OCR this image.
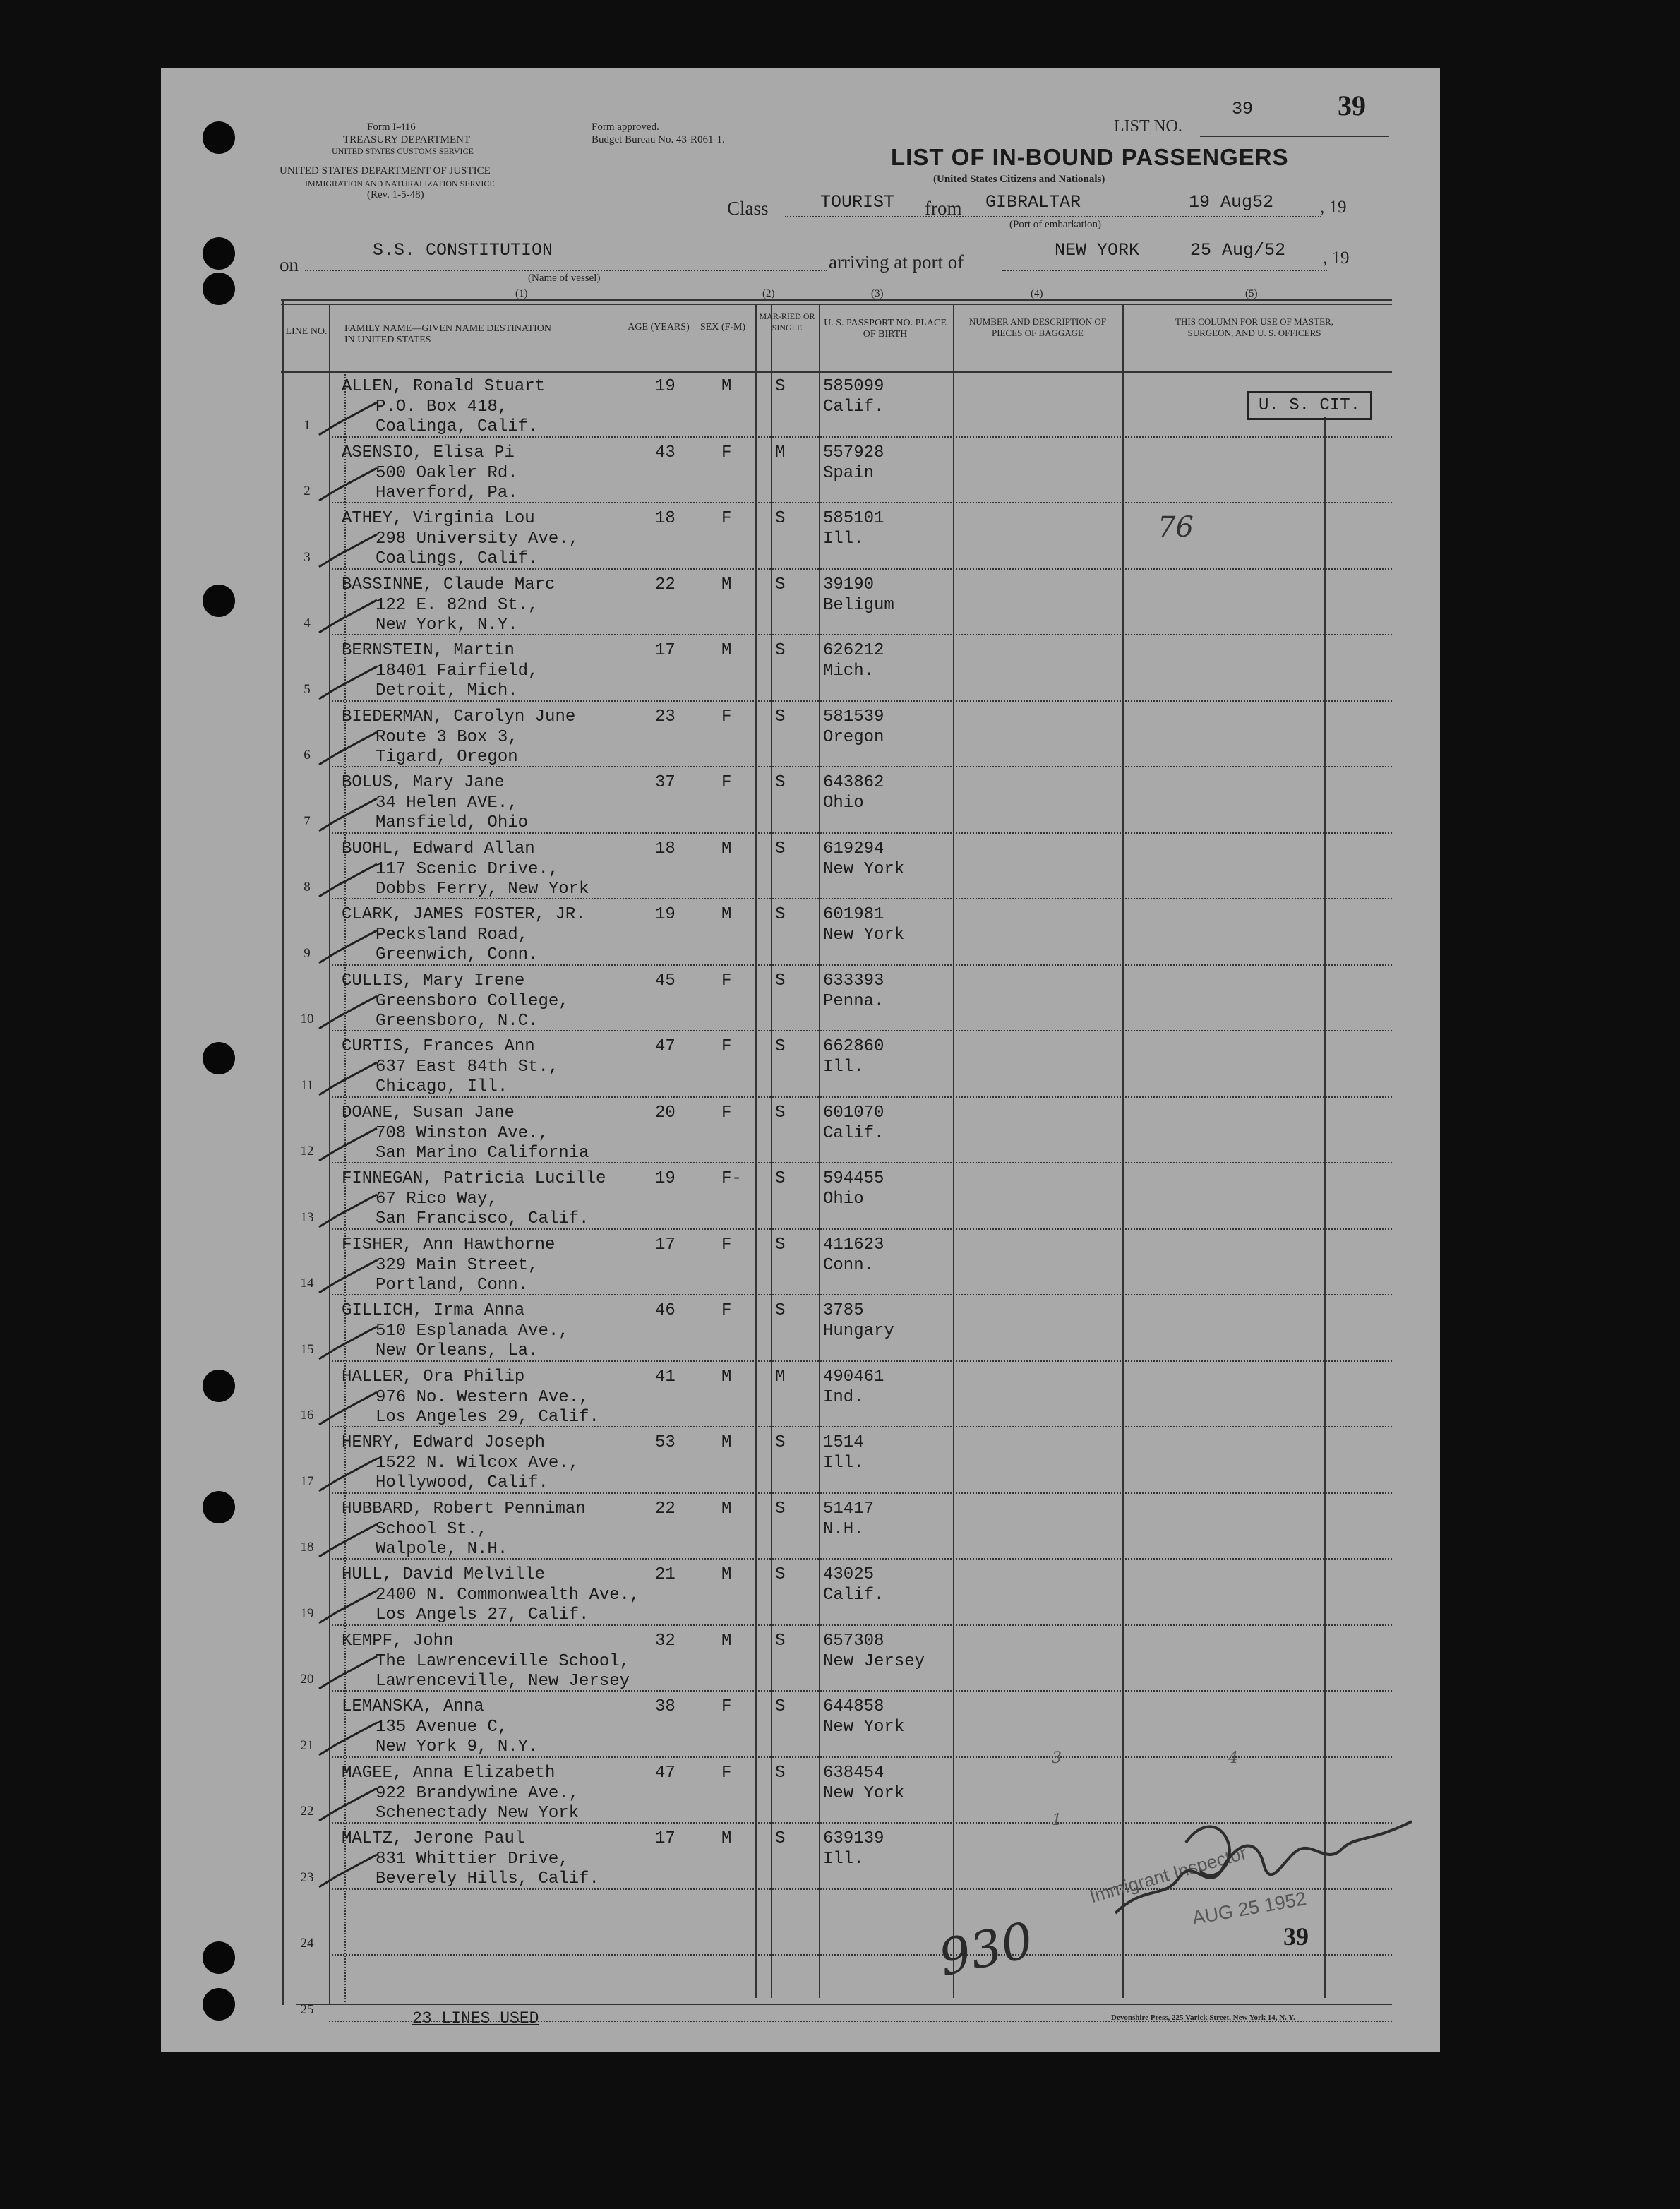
Form I-416
TREASURY DEPARTMENT
UNITED STATES CUSTOMS SERVICE
UNITED STATES DEPARTMENT OF JUSTICE
IMMIGRATION AND NATURALIZATION SERVICE
(Rev. 1-5-48)
Form approved.
Budget Bureau No. 43-R061-1.
LIST NO.
39	39
LIST OF IN-BOUND PASSENGERS
(United States Citizens and Nationals)
Class	TOURIST from GIBRALTAR	19 Aug52	, 19
(Port of embarkation)
on
S.S. CONSTITUTION
(Name of vessel)
arriving at port of
NEW YORK	25 Aug/52 , 19
(1)	(2)	(3)	(4)	(5)
LINE NO. FAMILY NAME—GIVEN NAME DESTINATION IN UNITED STATES
AGE (YEARS)	SEX (F-M)
MAR-RIED OR SINGLE	U. S. PASSPORT NO. PLACE OF BIRTH
NUMBER AND DESCRIPTION OF PIECES OF BAGGAGE
THIS COLUMN FOR USE OF MASTER, SURGEON, AND U. S. OFFICERS
U. S. CIT.
1
ALLEN, Ronald Stuart
P.O. Box 418,
Coalinga, Calif.
19	M	S 585099
Calif.
2
ASENSIO, Elisa Pi
500 Oakler Rd.
Haverford, Pa.
43	F	M 557928
Spain
3
ATHEY, Virginia Lou
298 University Ave.,
Coalings, Calif.
18	F	S 585101
Ill.
4
BASSINNE, Claude Marc
122 E. 82nd St.,
New York, N.Y.
22	M	S 39190
Beligum
5
BERNSTEIN, Martin
18401 Fairfield,
Detroit, Mich.
17	M	S 626212
Mich.
6
BIEDERMAN, Carolyn June
Route 3 Box 3,
Tigard, Oregon
23	F	S 581539
Oregon
7
BOLUS, Mary Jane
34 Helen AVE.,
Mansfield, Ohio
37	F	S 643862
Ohio
8
BUOHL, Edward Allan
117 Scenic Drive.,
Dobbs Ferry, New York
18	M	S 619294
New York
9
CLARK, JAMES FOSTER, JR.
Pecksland Road,
Greenwich, Conn.
19	M	S 601981
New York
10
CULLIS, Mary Irene
Greensboro College,
Greensboro, N.C.
45	F	S 633393
Penna.
11
CURTIS, Frances Ann
637 East 84th St.,
Chicago, Ill.
47	F	S 662860
Ill.
12
DOANE, Susan Jane
708 Winston Ave.,
San Marino California
20	F	S 601070
Calif.
13
FINNEGAN, Patricia Lucille
67 Rico Way,
San Francisco, Calif.
19	F- S 594455
Ohio
14
FISHER, Ann Hawthorne
329 Main Street,
Portland, Conn.
17	F	S 411623
Conn.
15
GILLICH, Irma Anna
510 Esplanada Ave.,
New Orleans, La.
46	F	S 3785
Hungary
16
HALLER, Ora Philip
976 No. Western Ave.,
Los Angeles 29, Calif.
41	M	M 490461
Ind.
17
HENRY, Edward Joseph
1522 N. Wilcox Ave.,
Hollywood, Calif.
53	M	S 1514
Ill.
18
HUBBARD, Robert Penniman
School St.,
Walpole, N.H.
22	M	S 51417
N.H.
19
HULL, David Melville
2400 N. Commonwealth Ave.,
Los Angels 27, Calif.
21	M	S 43025
Calif.
20
KEMPF, John
The Lawrenceville School,
Lawrenceville, New Jersey
32	M	S 657308
New Jersey
21
LEMANSKA, Anna
135 Avenue C,
New York 9, N.Y.
38	F	S 644858
New York
22
MAGEE, Anna Elizabeth
922 Brandywine Ave.,
Schenectady New York
47	F	S 638454
New York
23
MALTZ, Jerone Paul
831 Whittier Drive,
Beverely Hills, Calif.
17	M	S 639139
Ill.
24
25
76
3	4
1
23 LINES USED	Devonshire Press, 225 Varick Street, New York 14, N. Y.
39
930
Immigrant Inspector
AUG 25 1952
